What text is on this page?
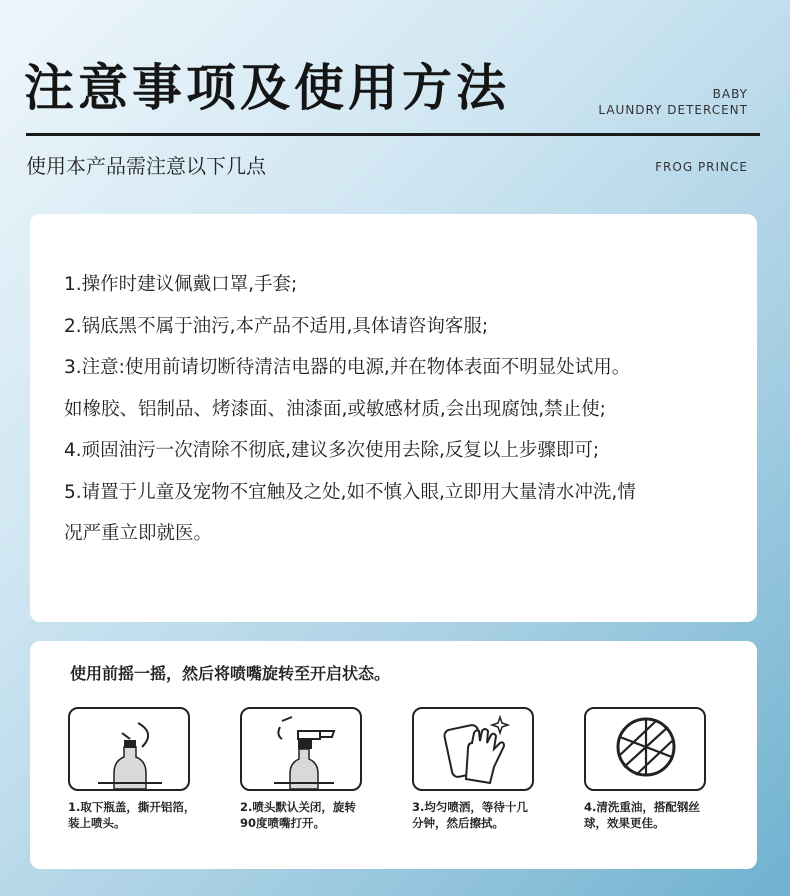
注意事项及使用方法	BABY
LAUNDRY DETERCENT
使用本产品需注意以下几点	FROG PRINCE
1.操作时建议佩戴口罩,手套;
2.锅底黑不属于油污,本产品不适用,具体请咨询客服;
3.注意:使用前请切断待清洁电器的电源,并在物体表面不明显处试用。
如橡胶、铝制品、烤漆面、油漆面,或敏感材质,会出现腐蚀,禁止使;
4.顽固油污一次清除不彻底,建议多次使用去除,反复以上步骤即可;
5.请置于儿童及宠物不宜触及之处,如不慎入眼,立即用大量清水冲洗,情
况严重立即就医。
使用前摇一摇，然后将喷嘴旋转至开启状态。
1.取下瓶盖，撕开铝箔，
装上喷头。
2.喷头默认关闭，旋转
90度喷嘴打开。
3.均匀喷洒，等待十几
分钟，然后擦拭。
4.清洗重油，搭配钢丝
球，效果更佳。
